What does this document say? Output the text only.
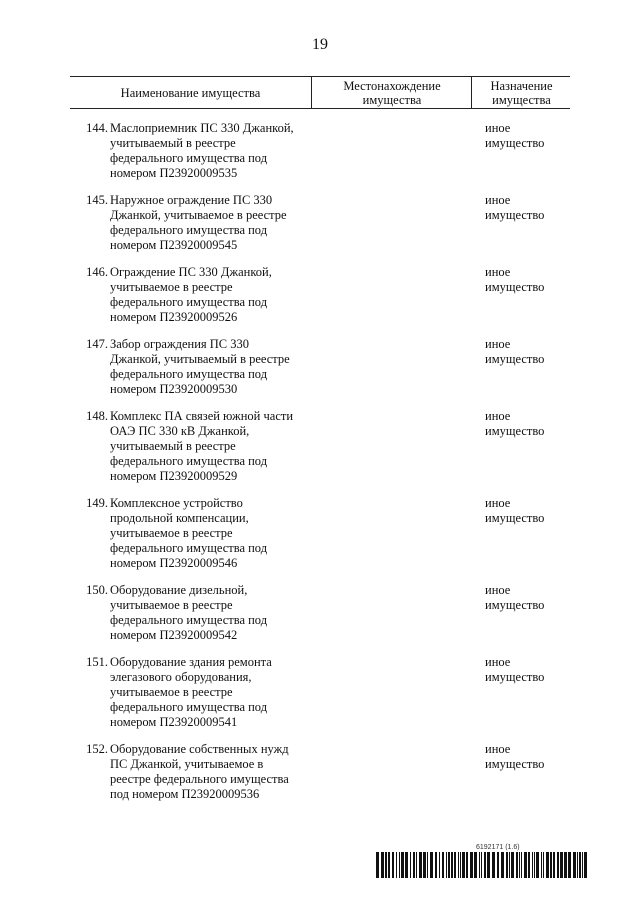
19
Наименование имущества	Местонахождение
имущества
Назначение
имущества
144. Маслоприемник ПС 330 Джанкой,
учитываемый в реестре
федерального имущества под
номером П23920009535
иное
имущество
145. Наружное ограждение ПС 330
Джанкой, учитываемое в реестре
федерального имущества под
номером П23920009545
иное
имущество
146. Ограждение ПС 330 Джанкой,
учитываемое в реестре
федерального имущества под
номером П23920009526
иное
имущество
147. Забор ограждения ПС 330
Джанкой, учитываемый в реестре
федерального имущества под
номером П23920009530
иное
имущество
148. Комплекс ПА связей южной части
ОАЭ ПС 330 кВ Джанкой,
учитываемый в реестре
федерального имущества под
номером П23920009529
иное
имущество
149. Комплексное устройство
продольной компенсации,
учитываемое в реестре
федерального имущества под
номером П23920009546
иное
имущество
150. Оборудование дизельной,
учитываемое в реестре
федерального имущества под
номером П23920009542
иное
имущество
151. Оборудование здания ремонта
элегазового оборудования,
учитываемое в реестре
федерального имущества под
номером П23920009541
иное
имущество
152. Оборудование собственных нужд
ПС Джанкой, учитываемое в
реестре федерального имущества
под номером П23920009536
иное
имущество
6192171 (1.6)
